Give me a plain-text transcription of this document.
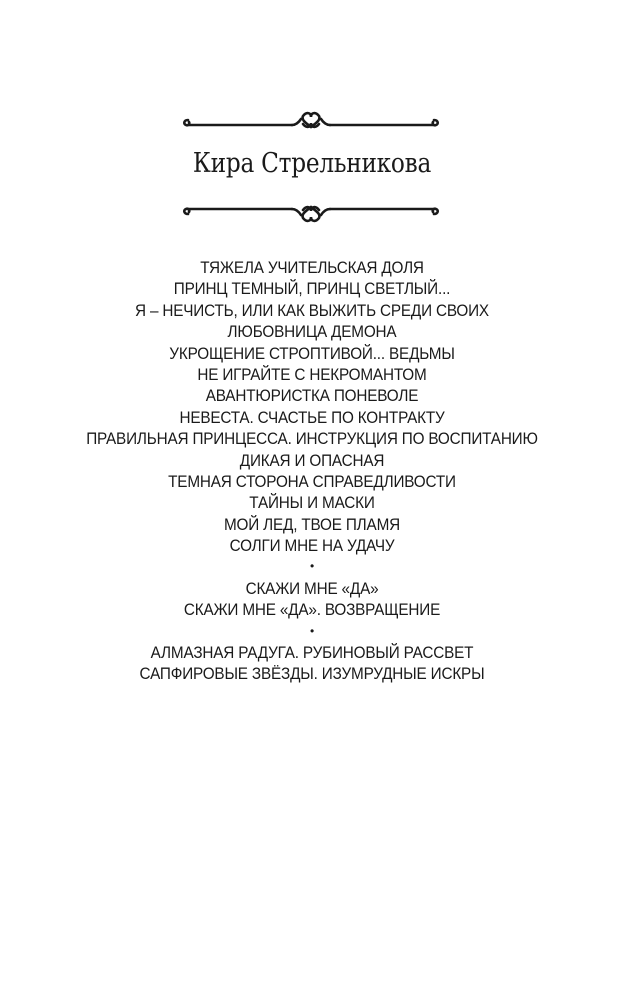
Кира Стрельникова
ТЯЖЕЛА УЧИТЕЛЬСКАЯ ДОЛЯ
ПРИНЦ ТЕМНЫЙ, ПРИНЦ СВЕТЛЫЙ...
Я – НЕЧИСТЬ, ИЛИ КАК ВЫЖИТЬ СРЕДИ СВОИХ
ЛЮБОВНИЦА ДЕМОНА
УКРОЩЕНИЕ СТРОПТИВОЙ... ВЕДЬМЫ
НЕ ИГРАЙТЕ С НЕКРОМАНТОМ
АВАНТЮРИСТКА ПОНЕВОЛЕ
НЕВЕСТА. СЧАСТЬЕ ПО КОНТРАКТУ
ПРАВИЛЬНАЯ ПРИНЦЕССА. ИНСТРУКЦИЯ ПО ВОСПИТАНИЮ
ДИКАЯ И ОПАСНАЯ
ТЕМНАЯ СТОРОНА СПРАВЕДЛИВОСТИ
ТАЙНЫ И МАСКИ
МОЙ ЛЕД, ТВОЕ ПЛАМЯ
СОЛГИ МНЕ НА УДАЧУ
•
СКАЖИ МНЕ «ДА»
СКАЖИ МНЕ «ДА». ВОЗВРАЩЕНИЕ
•
АЛМАЗНАЯ РАДУГА. РУБИНОВЫЙ РАССВЕТ
САПФИРОВЫЕ ЗВЁЗДЫ. ИЗУМРУДНЫЕ ИСКРЫ
